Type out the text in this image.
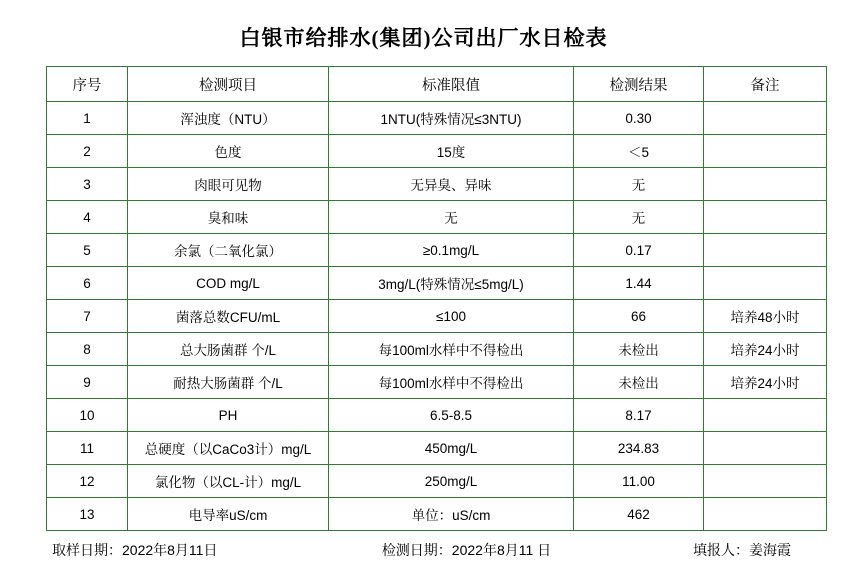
白银市给排水(集团)公司出厂水日检表
序号	检测项目	标准限值	检测结果	备注
1	浑浊度（NTU）	1NTU(特殊情况≤3NTU)	0.30	
2	色度	15度	＜5	
3	肉眼可见物	无异臭、异味	无	
4	臭和味	无	无	
5	余氯（二氧化氯）	≥0.1mg/L	0.17	
6	COD mg/L	3mg/L(特殊情况≤5mg/L)	1.44	
7	菌落总数CFU/mL	≤100	66	培养48小时
8	总大肠菌群 个/L	每100ml水样中不得检出	未检出	培养24小时
9	耐热大肠菌群 个/L	每100ml水样中不得检出	未检出	培养24小时
10	PH	6.5-8.5	8.17	
11	总硬度（以CaCo3计）mg/L	450mg/L	234.83	
12	氯化物（以CL-计）mg/L	250mg/L	11.00	
13	电导率uS/cm	单位：uS/cm	462	
取样日期：2022年8月11日	检测日期：2022年8月11 日	填报人：姜海霞
